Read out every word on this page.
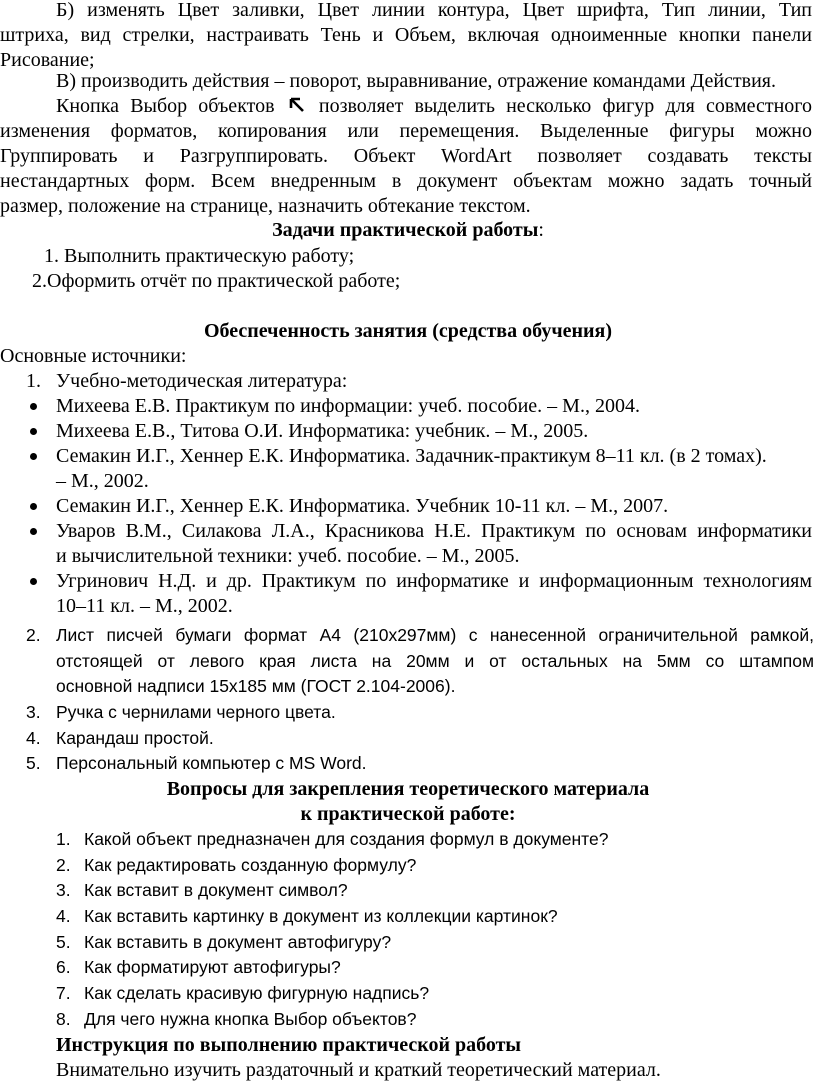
Б) изменять Цвет заливки, Цвет линии контура, Цвет шрифта, Тип линии, Тип

штриха, вид стрелки, настраивать Тень и Объем, включая одноименные кнопки панели

Рисование;

В) производить действия – поворот, выравнивание, отражение командами Действия.

Кнопка Выбор объектов позволяет выделить несколько фигур для совместного

изменения форматов, копирования или перемещения. Выделенные фигуры можно

Группировать и Разгруппировать. Объект WordArt позволяет создавать тексты

нестандартных форм. Всем внедренным в документ объектам можно задать точный

размер, положение на странице, назначить обтекание текстом.

Задачи практической работы:
1. Выполнить практическую работу;
2.Оформить отчёт по практической работе;
Обеспеченность занятия (средства обучения)
Основные источники:
1. Учебно-методическая литература:
Михеева Е.В. Практикум по информации: учеб. пособие. – М., 2004.
Михеева Е.В., Титова О.И. Информатика: учебник. – М., 2005.
Семакин И.Г., Хеннер Е.К. Информатика. Задачник-практикум 8–11 кл. (в 2 томах).
– М., 2002.
Семакин И.Г., Хеннер Е.К. Информатика. Учебник 10-11 кл. – М., 2007.

Уваров В.М., Силакова Л.А., Красникова Н.Е. Практикум по основам информатики

и вычислительной техники: учеб. пособие. – М., 2005.

Угринович Н.Д. и др. Практикум по информатике и информационным технологиям

10–11 кл. – М., 2002.

2. Лист писчей бумаги формат А4 (210х297мм) с нанесенной ограничительной рамкой,

отстоящей от левого края листа на 20мм и от остальных на 5мм со штампом

основной надписи 15х185 мм (ГОСТ 2.104-2006).

3. Ручка с чернилами черного цвета.
4. Карандаш простой.
5. Персональный компьютер с MS Word.
Вопросы для закрепления теоретического материала
к практической работе:
1. Какой объект предназначен для создания формул в документе?
2. Как редактировать созданную формулу?
3. Как вставит в документ символ?
4. Как вставить картинку в документ из коллекции картинок?
5. Как вставить в документ автофигуру?
6. Как форматируют автофигуры?
7. Как сделать красивую фигурную надпись?
8. Для чего нужна кнопка Выбор объектов?
Инструкция по выполнению практической работы
Внимательно изучить раздаточный и краткий теоретический материал.
